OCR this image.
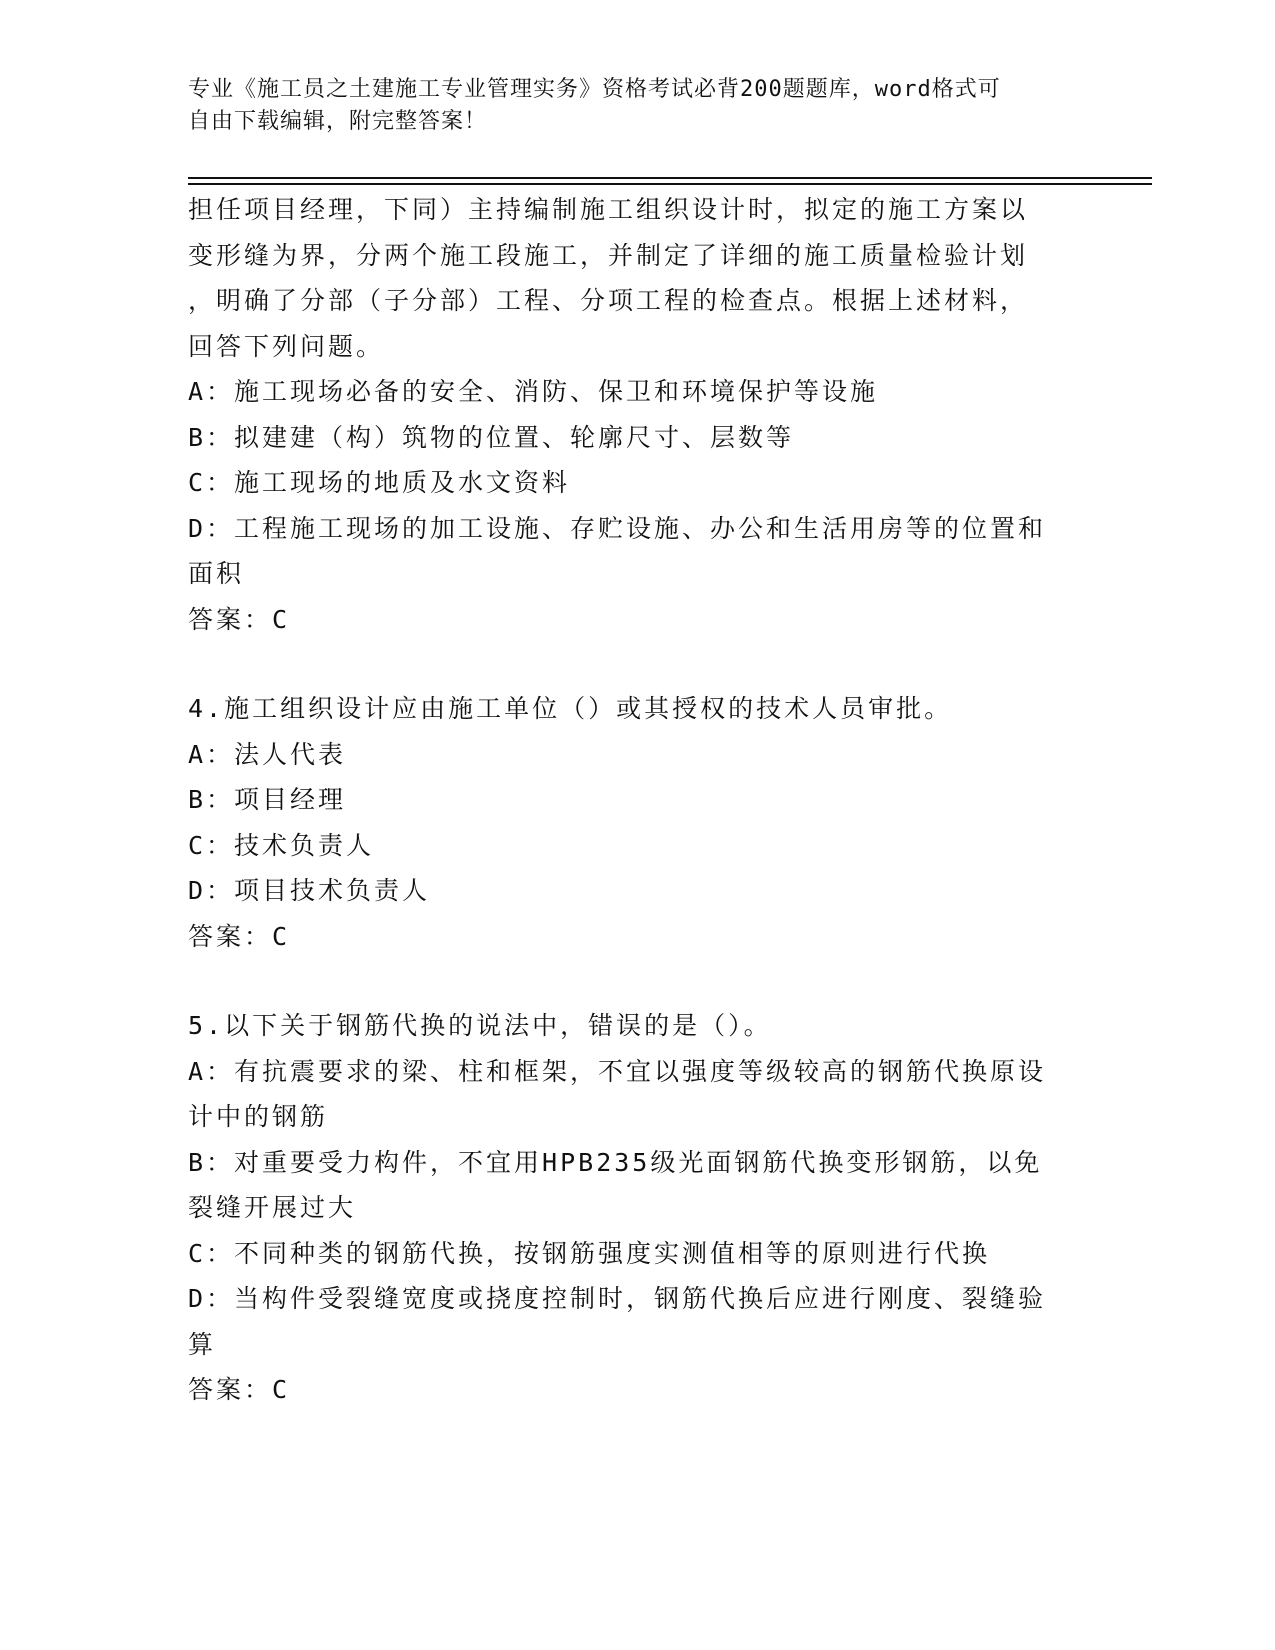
专业《施工员之土建施工专业管理实务》资格考试必背200题题库，word格式可
自由下载编辑，附完整答案！

担任项目经理，下同）主持编制施工组织设计时，拟定的施工方案以

变形缝为界，分两个施工段施工，并制定了详细的施工质量检验计划

，明确了分部（子分部）工程、分项工程的检查点。根据上述材料，

回答下列问题。

A：施工现场必备的安全、消防、保卫和环境保护等设施

B：拟建建（构）筑物的位置、轮廓尺寸、层数等

C：施工现场的地质及水文资料

D：工程施工现场的加工设施、存贮设施、办公和生活用房等的位置和

面积

答案：C

4.施工组织设计应由施工单位（）或其授权的技术人员审批。

A：法人代表

B：项目经理

C：技术负责人

D：项目技术负责人

答案：C

5.以下关于钢筋代换的说法中，错误的是（）。

A：有抗震要求的梁、柱和框架，不宜以强度等级较高的钢筋代换原设

计中的钢筋

B：对重要受力构件，不宜用HPB235级光面钢筋代换变形钢筋，以免

裂缝开展过大

C：不同种类的钢筋代换，按钢筋强度实测值相等的原则进行代换

D：当构件受裂缝宽度或挠度控制时，钢筋代换后应进行刚度、裂缝验

算

答案：C
